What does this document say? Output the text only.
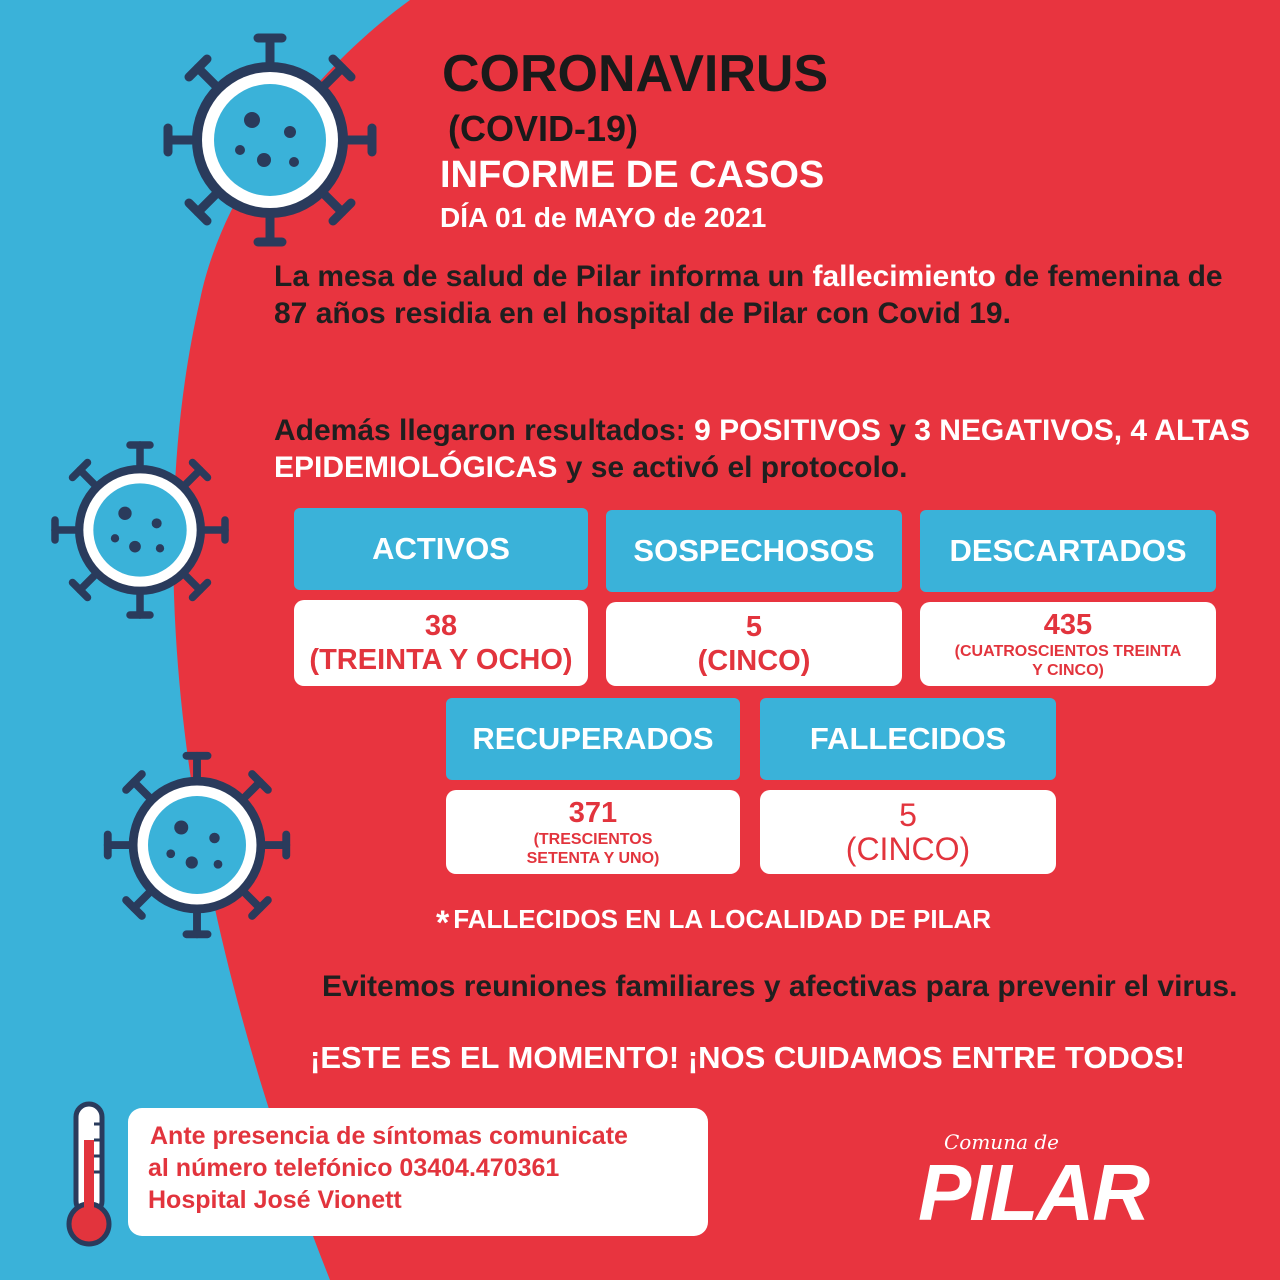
CORONAVIRUS
(COVID-19)
INFORME DE CASOS
DÍA 01 de MAYO de 2021
La mesa de salud de Pilar informa un fallecimiento de femenina de 87 años residia en el hospital de Pilar con Covid 19.
Además llegaron resultados: 9 POSITIVOS y 3 NEGATIVOS, 4 ALTAS EPIDEMIOLÓGICAS y se activó el protocolo.
ACTIVOS	SOSPECHOSOS DESCARTADOS
38
(TREINTA Y OCHO)
5
(CINCO)
435
(CUATROSCIENTOS TREINTA
Y CINCO)
RECUPERADOS	FALLECIDOS
371
(TRESCIENTOS
SETENTA Y UNO)
5
(CINCO)
* FALLECIDOS EN LA LOCALIDAD DE PILAR
Evitemos reuniones familiares y afectivas para prevenir el virus.
¡ESTE ES EL MOMENTO! ¡NOS CUIDAMOS ENTRE TODOS!
Ante presencia de síntomas comunicate
al número telefónico 03404.470361
Hospital José Vionett
Comuna de
PILAR
